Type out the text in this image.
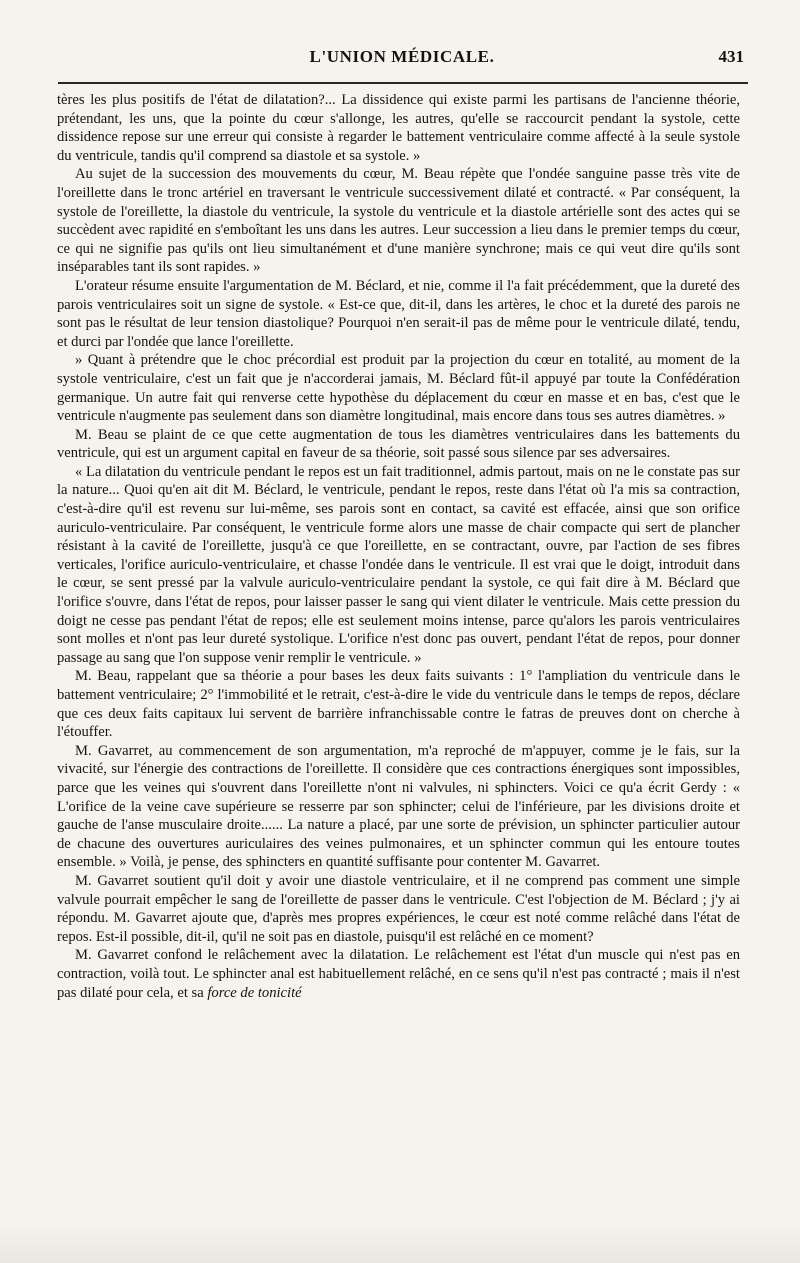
L'UNION MÉDICALE.	431

tères les plus positifs de l'état de dilatation?... La dissidence qui existe parmi les partisans de l'ancienne théorie, prétendant, les uns, que la pointe du cœur s'allonge, les autres, qu'elle se raccourcit pendant la systole, cette dissidence repose sur une erreur qui consiste à regarder le battement ventriculaire comme affecté à la seule systole du ventricule, tandis qu'il comprend sa diastole et sa systole. »

Au sujet de la succession des mouvements du cœur, M. Beau répète que l'ondée sanguine passe très vite de l'oreillette dans le tronc artériel en traversant le ventricule successivement dilaté et contracté. « Par conséquent, la systole de l'oreillette, la diastole du ventricule, la systole du ventricule et la diastole artérielle sont des actes qui se succèdent avec rapidité en s'emboîtant les uns dans les autres. Leur succession a lieu dans le premier temps du cœur, ce qui ne signifie pas qu'ils ont lieu simultanément et d'une manière synchrone; mais ce qui veut dire qu'ils sont inséparables tant ils sont rapides. »

L'orateur résume ensuite l'argumentation de M. Béclard, et nie, comme il l'a fait précédemment, que la dureté des parois ventriculaires soit un signe de systole. « Est-ce que, dit-il, dans les artères, le choc et la dureté des parois ne sont pas le résultat de leur tension diastolique? Pourquoi n'en serait-il pas de même pour le ventricule dilaté, tendu, et durci par l'ondée que lance l'oreillette.

» Quant à prétendre que le choc précordial est produit par la projection du cœur en totalité, au moment de la systole ventriculaire, c'est un fait que je n'accorderai jamais, M. Béclard fût-il appuyé par toute la Confédération germanique. Un autre fait qui renverse cette hypothèse du déplacement du cœur en masse et en bas, c'est que le ventricule n'augmente pas seulement dans son diamètre longitudinal, mais encore dans tous ses autres diamètres. »

M. Beau se plaint de ce que cette augmentation de tous les diamètres ventriculaires dans les battements du ventricule, qui est un argument capital en faveur de sa théorie, soit passé sous silence par ses adversaires.

« La dilatation du ventricule pendant le repos est un fait traditionnel, admis partout, mais on ne le constate pas sur la nature... Quoi qu'en ait dit M. Béclard, le ventricule, pendant le repos, reste dans l'état où l'a mis sa contraction, c'est-à-dire qu'il est revenu sur lui-même, ses parois sont en contact, sa cavité est effacée, ainsi que son orifice auriculo-ventriculaire. Par conséquent, le ventricule forme alors une masse de chair compacte qui sert de plancher résistant à la cavité de l'oreillette, jusqu'à ce que l'oreillette, en se contractant, ouvre, par l'action de ses fibres verticales, l'orifice auriculo-ventriculaire, et chasse l'ondée dans le ventricule. Il est vrai que le doigt, introduit dans le cœur, se sent pressé par la valvule auriculo-ventriculaire pendant la systole, ce qui fait dire à M. Béclard que l'orifice s'ouvre, dans l'état de repos, pour laisser passer le sang qui vient dilater le ventricule. Mais cette pression du doigt ne cesse pas pendant l'état de repos; elle est seulement moins intense, parce qu'alors les parois ventriculaires sont molles et n'ont pas leur dureté systolique. L'orifice n'est donc pas ouvert, pendant l'état de repos, pour donner passage au sang que l'on suppose venir remplir le ventricule. »

M. Beau, rappelant que sa théorie a pour bases les deux faits suivants : 1° l'ampliation du ventricule dans le battement ventriculaire; 2° l'immobilité et le retrait, c'est-à-dire le vide du ventricule dans le temps de repos, déclare que ces deux faits capitaux lui servent de barrière infranchissable contre le fatras de preuves dont on cherche à l'étouffer.

M. Gavarret, au commencement de son argumentation, m'a reproché de m'appuyer, comme je le fais, sur la vivacité, sur l'énergie des contractions de l'oreillette. Il considère que ces contractions énergiques sont impossibles, parce que les veines qui s'ouvrent dans l'oreillette n'ont ni valvules, ni sphincters. Voici ce qu'a écrit Gerdy : « L'orifice de la veine cave supérieure se resserre par son sphincter; celui de l'inférieure, par les divisions droite et gauche de l'anse musculaire droite...... La nature a placé, par une sorte de prévision, un sphincter particulier autour de chacune des ouvertures auriculaires des veines pulmonaires, et un sphincter commun qui les entoure toutes ensemble. » Voilà, je pense, des sphincters en quantité suffisante pour contenter M. Gavarret.

M. Gavarret soutient qu'il doit y avoir une diastole ventriculaire, et il ne comprend pas comment une simple valvule pourrait empêcher le sang de l'oreillette de passer dans le ventricule. C'est l'objection de M. Béclard ; j'y ai répondu. M. Gavarret ajoute que, d'après mes propres expériences, le cœur est noté comme relâché dans l'état de repos. Est-il possible, dit-il, qu'il ne soit pas en diastole, puisqu'il est relâché en ce moment?

M. Gavarret confond le relâchement avec la dilatation. Le relâchement est l'état d'un muscle qui n'est pas en contraction, voilà tout. Le sphincter anal est habituellement relâché, en ce sens qu'il n'est pas contracté ; mais il n'est pas dilaté pour cela, et sa force de tonicité
